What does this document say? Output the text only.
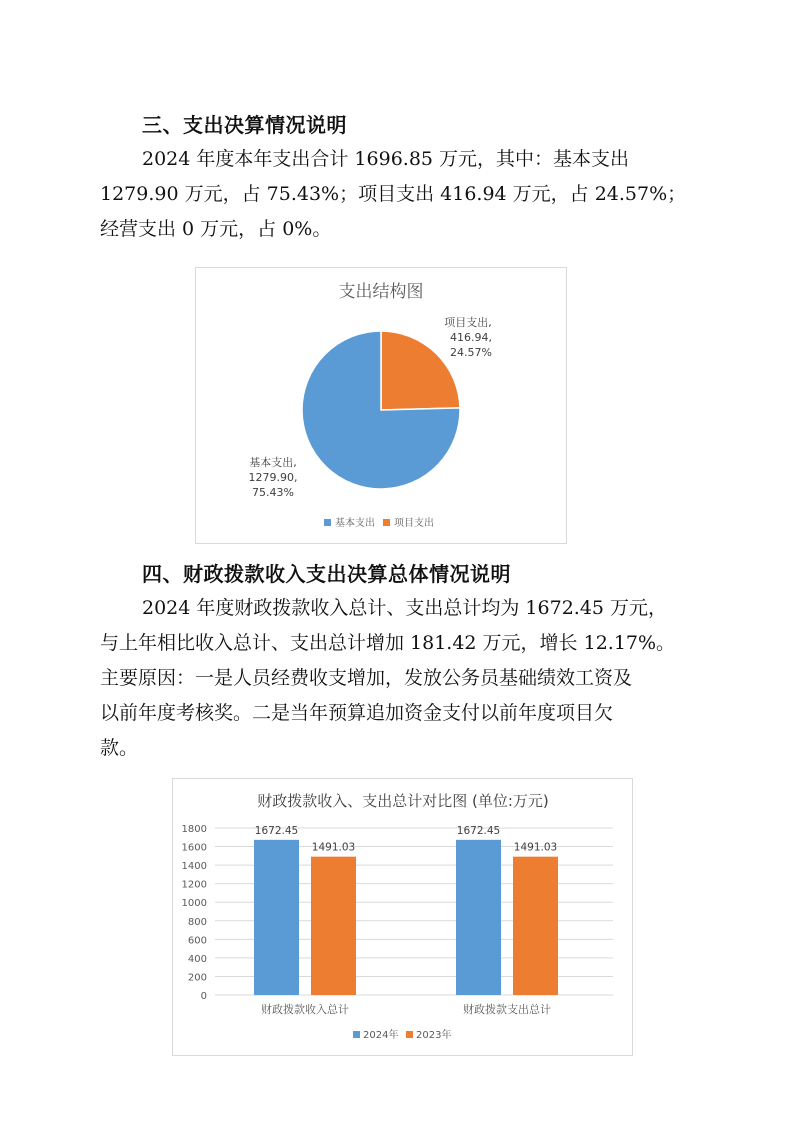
三、支出决算情况说明

2024 年度本年支出合计 1696.85 万元，其中：基本支出
1279.90 万元，占 75.43%；项目支出 416.94 万元，占 24.57%；
经营支出 0 万元，占 0%。

支出结构图
项目支出,
416.94,
24.57%
基本支出,
1279.90,
75.43%
基本支出 项目支出
四、财政拨款收入支出决算总体情况说明

2024 年度财政拨款收入总计、支出总计均为 1672.45 万元，
与上年相比收入总计、支出总计增加 181.42 万元，增长 12.17%。
主要原因：一是人员经费收支增加，发放公务员基础绩效工资及
以前年度考核奖。二是当年预算追加资金支付以前年度项目欠
款。

财政拨款收入、支出总计对比图 (单位:万元)
0
200
400
600
800
1000
1200
1400
1600
1800	1672.45
1491.03
1672.45
1491.03
财政拨款收入总计	财政拨款支出总计
2024年 2023年
